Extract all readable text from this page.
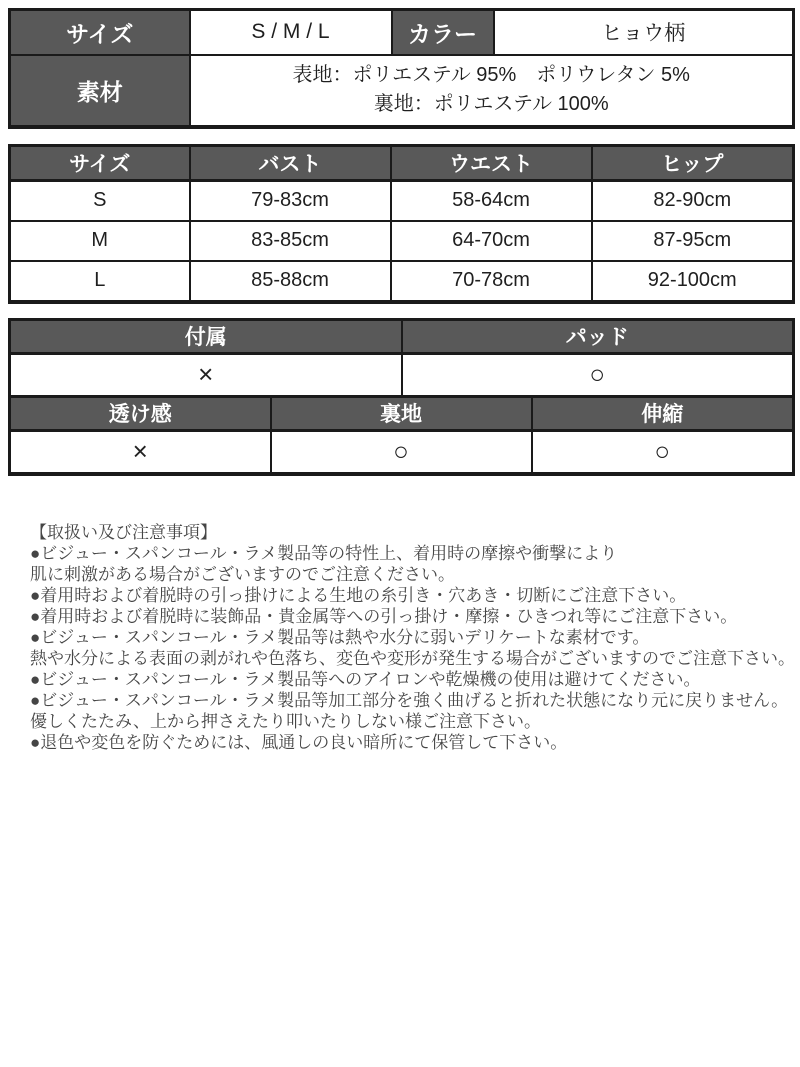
サイズ	S / M / L	カラー	ヒョウ柄
素材	表地：ポリエステル 95%　ポリウレタン 5%
裏地：ポリエステル 100%		
サイズ	バスト	ウエスト	ヒップ
S	79-83cm	58-64cm	82-90cm
M	83-85cm	64-70cm	87-95cm
L	85-88cm	70-78cm	92-100cm
付属	パッド
×	○
透け感	裏地	伸縮
×	○	○
【取扱い及び注意事項】
●ビジュー・スパンコール・ラメ製品等の特性上、着用時の摩擦や衝撃により
肌に刺激がある場合がございますのでご注意ください。
●着用時および着脱時の引っ掛けによる生地の糸引き・穴あき・切断にご注意下さい。
●着用時および着脱時に装飾品・貴金属等への引っ掛け・摩擦・ひきつれ等にご注意下さい。
●ビジュー・スパンコール・ラメ製品等は熱や水分に弱いデリケートな素材です。
熱や水分による表面の剥がれや色落ち、変色や変形が発生する場合がございますのでご注意下さい。
●ビジュー・スパンコール・ラメ製品等へのアイロンや乾燥機の使用は避けてください。
●ビジュー・スパンコール・ラメ製品等加工部分を強く曲げると折れた状態になり元に戻りません。
優しくたたみ、上から押さえたり叩いたりしない様ご注意下さい。
●退色や変色を防ぐためには、風通しの良い暗所にて保管して下さい。
